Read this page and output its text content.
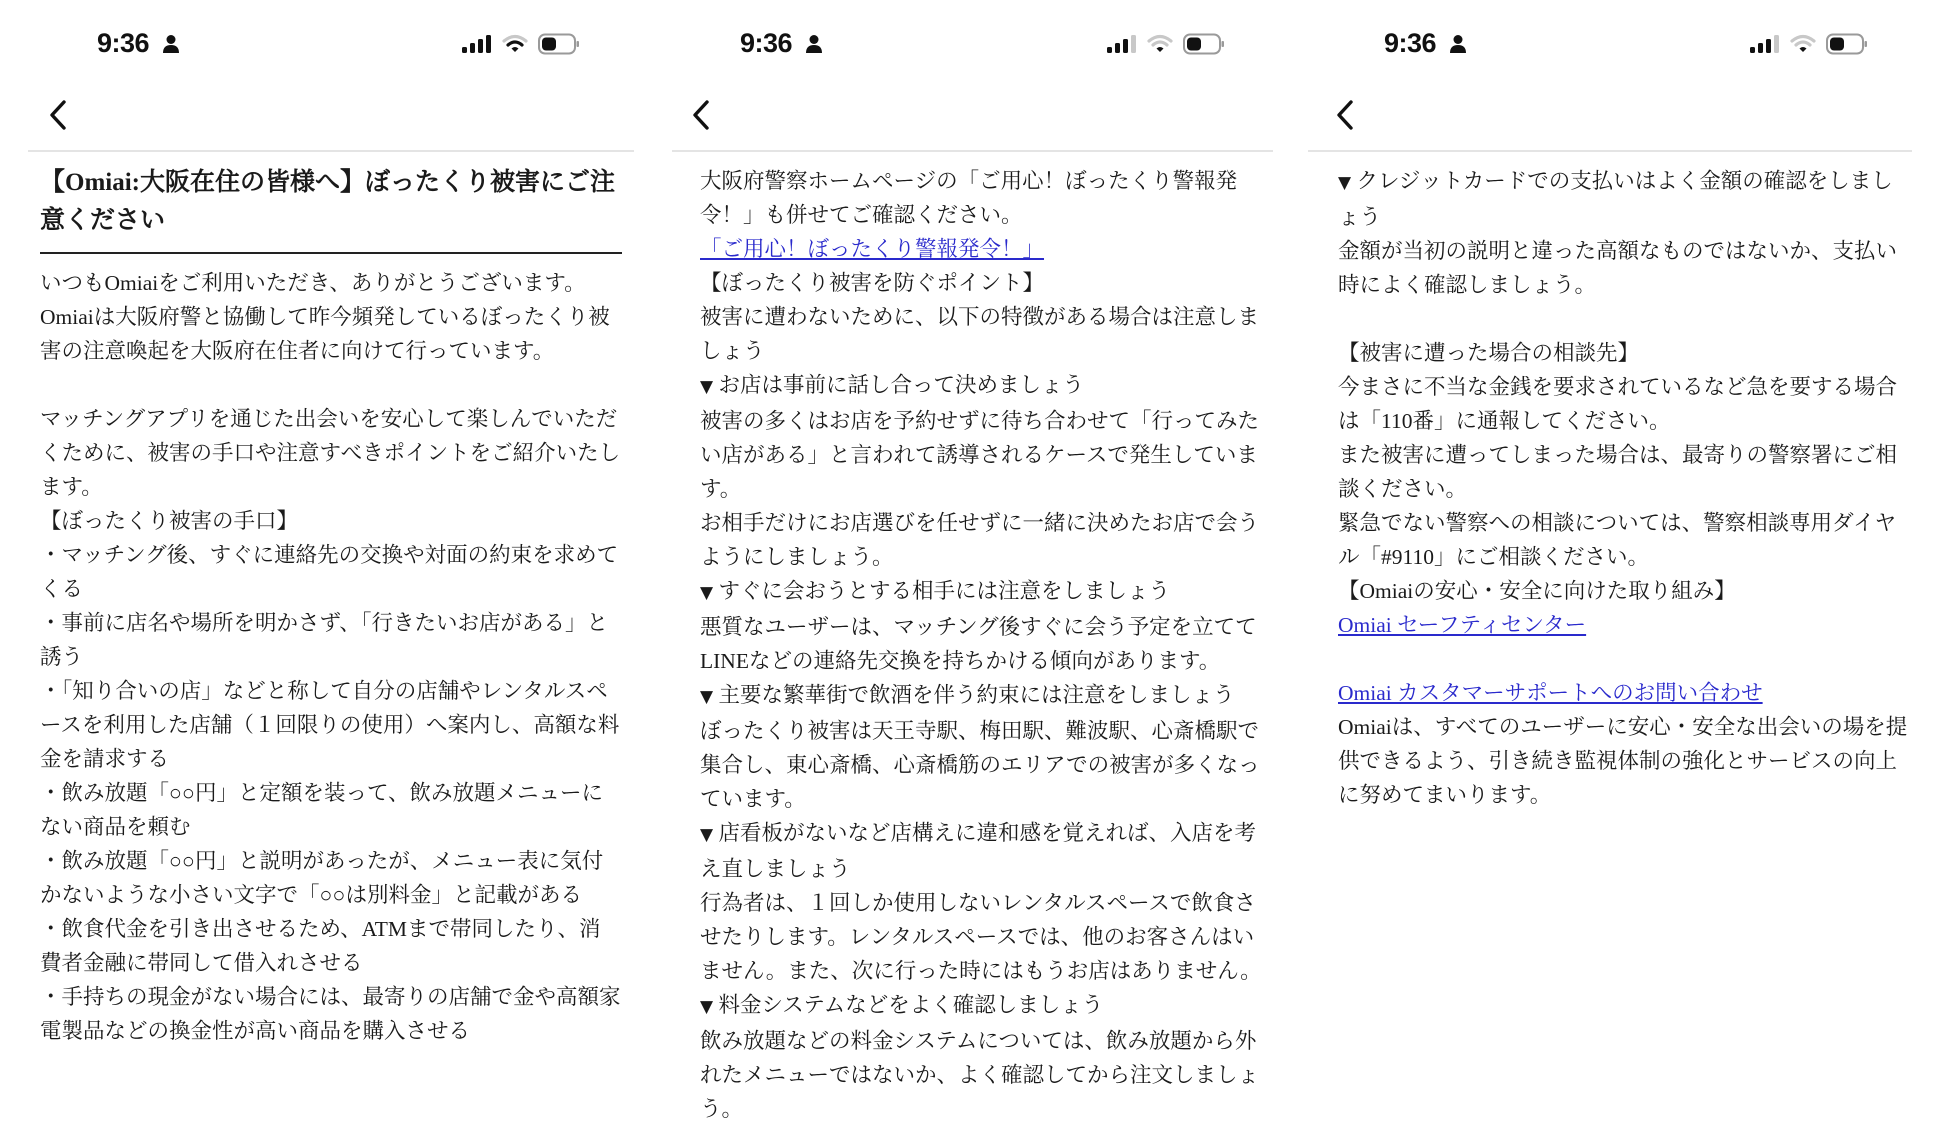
9:36
【Omiai:大阪在住の皆様へ】ぼったくり被害にご注意ください

いつもOmiaiをご利用いただき、ありがとうございます。

Omiaiは大阪府警と協働して昨今頻発しているぼったくり被害の注意喚起を大阪府在住者に向けて行っています。

マッチングアプリを通じた出会いを安心して楽しんでいただくために、被害の手口や注意すべきポイントをご紹介いたします。

【ぼったくり被害の手口】

・マッチング後、すぐに連絡先の交換や対面の約束を求めてくる

・事前に店名や場所を明かさず、「行きたいお店がある」と誘う

・「知り合いの店」などと称して自分の店舗やレンタルスペースを利用した店舗（１回限りの使用）へ案内し、高額な料金を請求する

・飲み放題「○○円」と定額を装って、飲み放題メニューにない商品を頼む

・飲み放題「○○円」と説明があったが、メニュー表に気付かないような小さい文字で「○○は別料金」と記載がある

・飲食代金を引き出させるため、ATMまで帯同したり、消費者金融に帯同して借入れさせる

・手持ちの現金がない場合には、最寄りの店舗で金や高額家電製品などの換金性が高い商品を購入させる

9:36

大阪府警察ホームページの「ご用心！ぼったくり警報発令！」も併せてご確認ください。

「ご用心！ぼったくり警報発令！」

【ぼったくり被害を防ぐポイント】

被害に遭わないために、以下の特徴がある場合は注意しましょう

▼ お店は事前に話し合って決めましょう

被害の多くはお店を予約せずに待ち合わせて「行ってみたい店がある」と言われて誘導されるケースで発生しています。

お相手だけにお店選びを任せずに一緒に決めたお店で会うようにしましょう。

▼ すぐに会おうとする相手には注意をしましょう

悪質なユーザーは、マッチング後すぐに会う予定を立ててLINEなどの連絡先交換を持ちかける傾向があります。

▼ 主要な繁華街で飲酒を伴う約束には注意をしましょう

ぼったくり被害は天王寺駅、梅田駅、難波駅、心斎橋駅で集合し、東心斎橋、心斎橋筋のエリアでの被害が多くなっています。

▼ 店看板がないなど店構えに違和感を覚えれば、入店を考え直しましょう

行為者は、１回しか使用しないレンタルスペースで飲食させたりします。レンタルスペースでは、他のお客さんはいません。また、次に行った時にはもうお店はありません。

▼ 料金システムなどをよく確認しましょう

飲み放題などの料金システムについては、飲み放題から外れたメニューではないか、よく確認してから注文しましょう。

9:36

▼ クレジットカードでの支払いはよく金額の確認をしましょう

金額が当初の説明と違った高額なものではないか、支払い時によく確認しましょう。

【被害に遭った場合の相談先】

今まさに不当な金銭を要求されているなど急を要する場合は「110番」に通報してください。

また被害に遭ってしまった場合は、最寄りの警察署にご相談ください。

緊急でない警察への相談については、警察相談専用ダイヤル「#9110」にご相談ください。

【Omiaiの安心・安全に向けた取り組み】

Omiai セーフティセンター

Omiai カスタマーサポートへのお問い合わせ

Omiaiは、すべてのユーザーに安心・安全な出会いの場を提供できるよう、引き続き監視体制の強化とサービスの向上に努めてまいります。
